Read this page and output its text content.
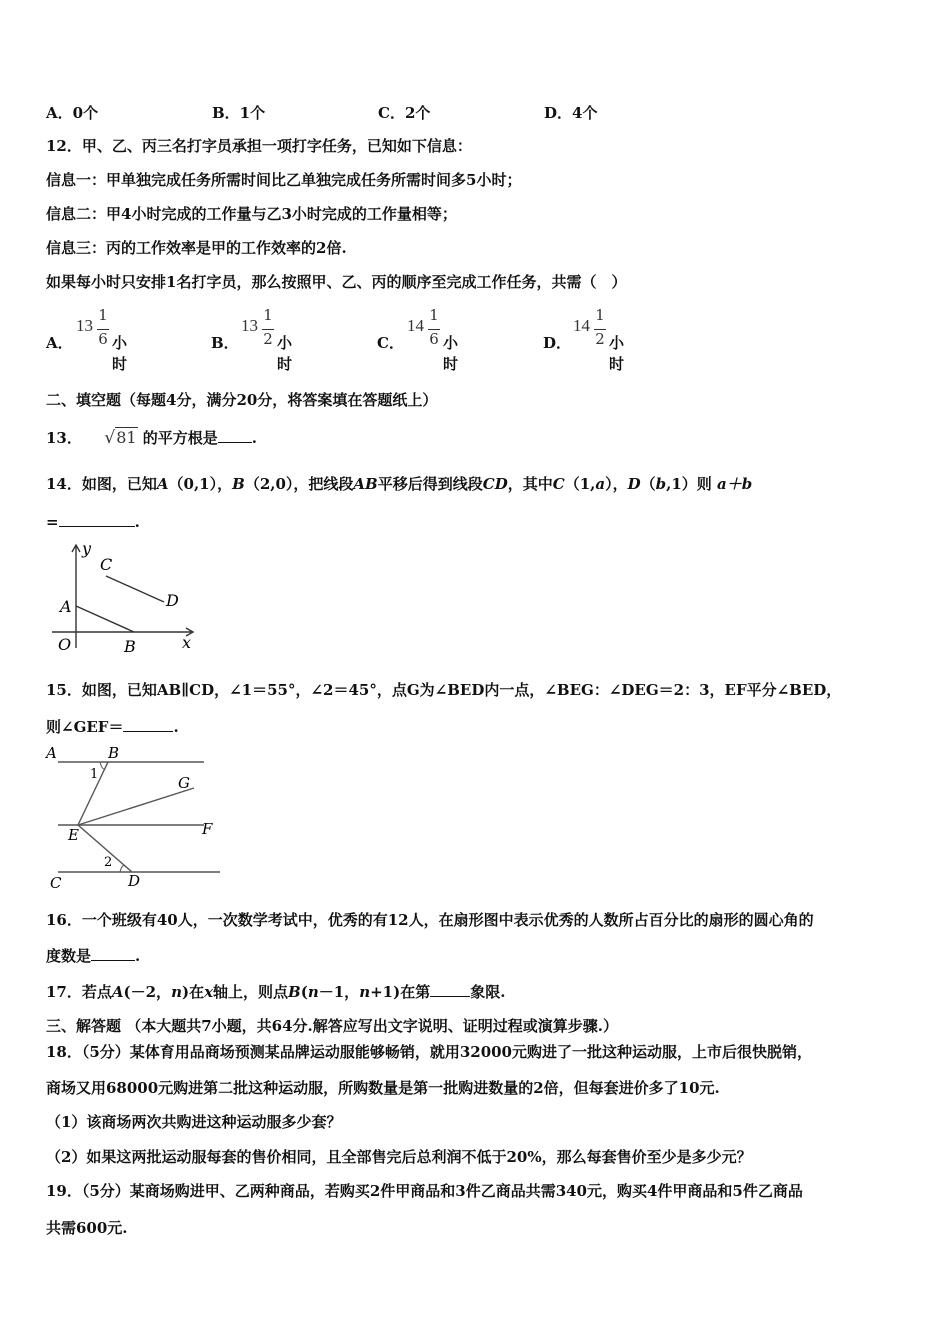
A．0个	B．1个	C．2个	D．4个
12．甲、乙、丙三名打字员承担一项打字任务，已知如下信息：
信息一：甲单独完成任务所需时间比乙单独完成任务所需时间多5小时；
信息二：甲4小时完成的工作量与乙3小时完成的工作量相等；
信息三：丙的工作效率是甲的工作效率的2倍.
如果每小时只安排1名打字员，那么按照甲、乙、丙的顺序至完成工作任务，共需（　）
A．
13
1
6 小时
B．
13
1
2 小时
C．
14
1
6 小时
D．
14
1
2 小时
二、填空题（每题4分，满分20分，将答案填在答题纸上）
13． √81 的平方根是 .
14．如图，已知A（0,1），B（2,0），把线段AB平移后得到线段CD，其中C（1,a），D（b,1）则 a＋b
=	.
y
x
O
A
B
C
D
15．如图，已知AB∥CD，∠1＝55°，∠2＝45°，点G为∠BED内一点，∠BEG：∠DEG＝2：3，EF平分∠BED，
则∠GEF＝	.
A	B
1	G
E	F
2
C	D
16．一个班级有40人，一次数学考试中，优秀的有12人，在扇形图中表示优秀的人数所占百分比的扇形的圆心角的
度数是	.
17．若点A(－2，n)在x轴上，则点B(n－1，n+1)在第	象限.
三、解答题 （本大题共7小题，共64分.解答应写出文字说明、证明过程或演算步骤.）
18．（5分）某体育用品商场预测某品牌运动服能够畅销，就用32000元购进了一批这种运动服，上市后很快脱销，
商场又用68000元购进第二批这种运动服，所购数量是第一批购进数量的2倍，但每套进价多了10元.
（1）该商场两次共购进这种运动服多少套？
（2）如果这两批运动服每套的售价相同，且全部售完后总利润不低于20%，那么每套售价至少是多少元？
19．（5分）某商场购进甲、乙两种商品，若购买2件甲商品和3件乙商品共需340元，购买4件甲商品和5件乙商品
共需600元.
